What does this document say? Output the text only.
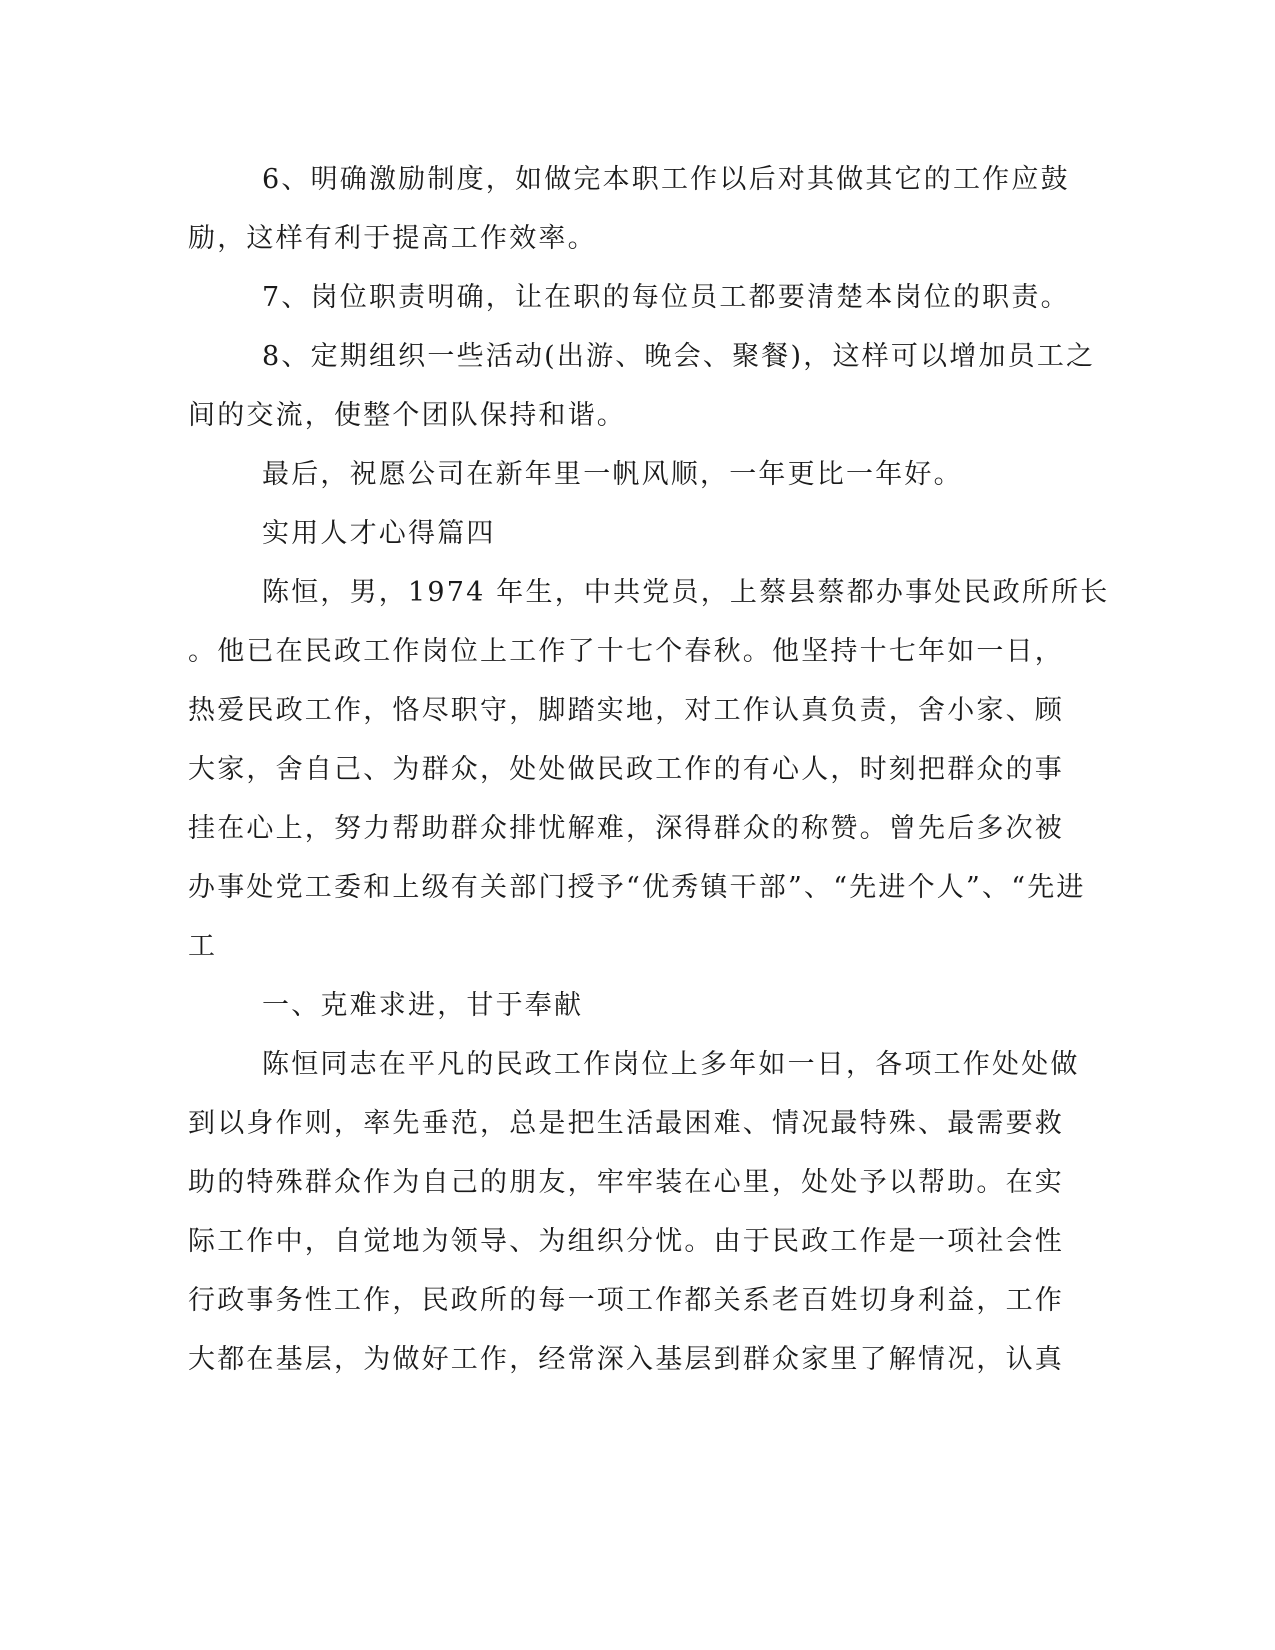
6、明确激励制度，如做完本职工作以后对其做其它的工作应鼓
励，这样有利于提高工作效率。
7、岗位职责明确，让在职的每位员工都要清楚本岗位的职责。
8、定期组织一些活动(出游、晚会、聚餐)，这样可以增加员工之
间的交流，使整个团队保持和谐。
最后，祝愿公司在新年里一帆风顺，一年更比一年好。
实用人才心得篇四
陈恒，男，1974 年生，中共党员，上蔡县蔡都办事处民政所所长
。他已在民政工作岗位上工作了十七个春秋。他坚持十七年如一日，
热爱民政工作，恪尽职守，脚踏实地，对工作认真负责，舍小家、顾
大家，舍自己、为群众，处处做民政工作的有心人，时刻把群众的事
挂在心上，努力帮助群众排忧解难，深得群众的称赞。曾先后多次被
办事处党工委和上级有关部门授予“优秀镇干部”、“先进个人”、“先进
工
一、克难求进，甘于奉献
陈恒同志在平凡的民政工作岗位上多年如一日，各项工作处处做
到以身作则，率先垂范，总是把生活最困难、情况最特殊、最需要救
助的特殊群众作为自己的朋友，牢牢装在心里，处处予以帮助。在实
际工作中，自觉地为领导、为组织分忧。由于民政工作是一项社会性
行政事务性工作，民政所的每一项工作都关系老百姓切身利益，工作
大都在基层，为做好工作，经常深入基层到群众家里了解情况，认真
